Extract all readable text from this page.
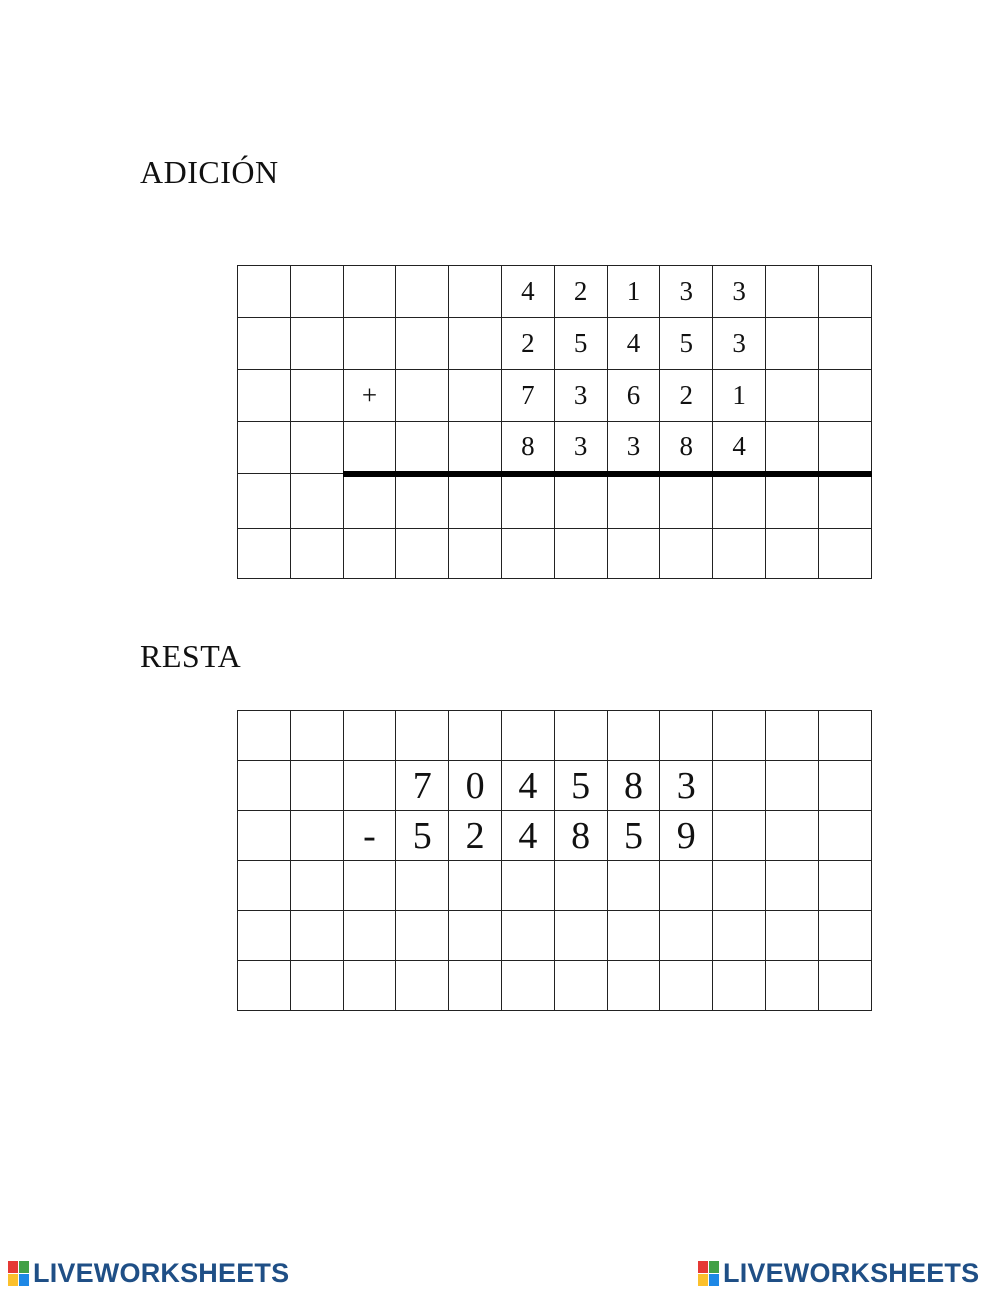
ADICIÓN
					4	2	1	3	3		
					2	5	4	5	3		
		+			7	3	6	2	1		
					8	3	3	8	4		

RESTA

			7	0	4	5	8	3			
		-	5	2	4	8	5	9			

LIVEWORKSHEETS	LIVEWORKSHEETS
